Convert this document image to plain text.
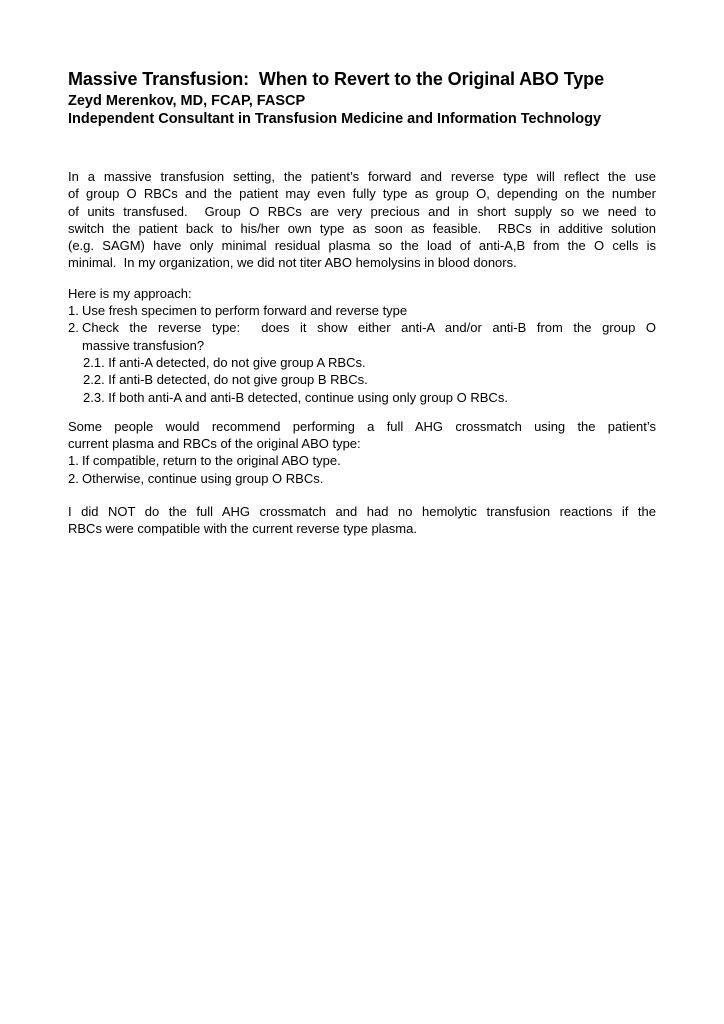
Massive Transfusion:  When to Revert to the Original ABO Type
Zeyd Merenkov, MD, FCAP, FASCP
Independent Consultant in Transfusion Medicine and Information Technology
In a massive transfusion setting, the patient’s forward and reverse type will reflect the use
of group O RBCs and the patient may even fully type as group O, depending on the number
of units transfused.  Group O RBCs are very precious and in short supply so we need to
switch the patient back to his/her own type as soon as feasible.  RBCs in additive solution
(e.g. SAGM) have only minimal residual plasma so the load of anti-A,B from the O cells is
minimal.  In my organization, we did not titer ABO hemolysins in blood donors.
Here is my approach:
1. Use fresh specimen to perform forward and reverse type
2. Check the reverse type:  does it show either anti-A and/or anti-B from the group O
massive transfusion?
2.1. If anti-A detected, do not give group A RBCs.
2.2. If anti-B detected, do not give group B RBCs.
2.3. If both anti-A and anti-B detected, continue using only group O RBCs.
Some people would recommend performing a full AHG crossmatch using the patient’s
current plasma and RBCs of the original ABO type:
1. If compatible, return to the original ABO type.
2. Otherwise, continue using group O RBCs.
I did NOT do the full AHG crossmatch and had no hemolytic transfusion reactions if the
RBCs were compatible with the current reverse type plasma.
